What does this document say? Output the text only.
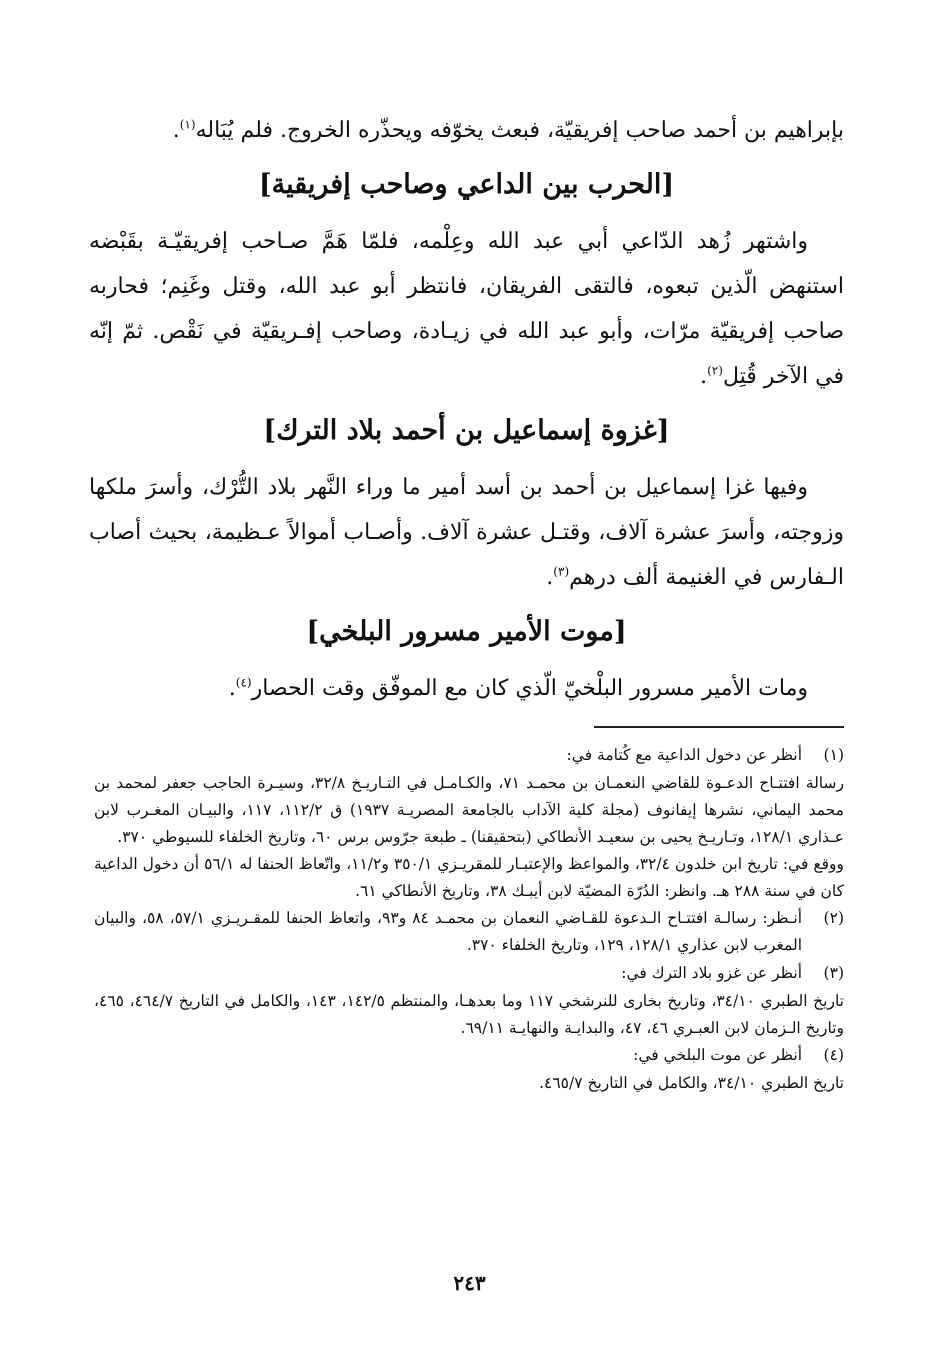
بإبراهيم بن أحمد صاحب إفريقيّة، فبعث يخوّفه ويحذّره الخروج. فلم يُبَاله$^{(١)}$.

[الحرب بين الداعي وصاحب إفريقية]

واشتهر زُهد الدّاعي أبي عبد الله وعِلْمه، فلمّا هَمَّ صـاحب إفريقيّـة بقَبْضه استنهض الّذين تبعوه، فالتقى الفريقان، فانتظر أبو عبد الله، وقتل وغَنِم؛ فحاربه صاحب إفريقيّة مرّات، وأبو عبد الله في زيـادة، وصاحب إفـريقيّة في نَقْص. ثمّ إنّه في الآخر قُتِل$^{(٢)}$.

[غزوة إسماعيل بن أحمد بلاد الترك]

وفيها غزا إسماعيل بن أحمد بن أسد أمير ما وراء النَّهر بلاد التُّرْك، وأسرَ ملكها وزوجته، وأسرَ عشرة آلاف، وقتـل عشرة آلاف. وأصـاب أموالاً عـظيمة، بحيث أصاب الـفارس في الغنيمة ألف درهم$^{(٣)}$.

[موت الأمير مسرور البلخي]

ومات الأمير مسرور البلْخيّ الّذي كان مع الموفّق وقت الحصار$^{(٤)}$.

(١)
أنظر عن دخول الداعية مع كُتامة في:
رسالة افتتـاح الدعـوة للقاضي النعمـان بن محمـد ٧١، والكـامـل في التـاريـخ ٣٢/٨، وسيـرة الحاجب جعفر لمحمد بن محمد اليماني، نشرها إيفانوف (مجلة كلية الآداب بالجامعة المصريـة ١٩٣٧) ق ١١٢/٢، ١١٧، والبيـان المغـرب لابن عـذاري ١٢٨/١، وتـاريـخ يحيى بن سعيـد الأنطاكي (بتحقيقنا) ـ طبعة جرّوس برس ٦٠، وتاريخ الخلفاء للسيوطي ٣٧٠.
ووقع في: تاريخ ابن خلدون ٣٢/٤، والمواعظ والإعتبـار للمقريـزي ٣٥٠/١ و١١/٢، واتّعاظ الحنفا له ٥٦/١ أن دخول الداعية كان في سنة ٢٨٨ هـ. وانظر: الدُرّة المضيّة لابن أيبـك ٣٨، وتاريخ الأنطاكي ٦١.
(٢)
أنـظر: رسالـة افتتـاح الـدعوة للقـاضي النعمان بن محمـد ٨٤ و٩٣، واتعاظ الحنفا للمقـريـزي ٥٧/١، ٥٨، والبيان المغرب لابن عذاري ١٢٨/١، ١٢٩، وتاريخ الخلفاء ٣٧٠.
(٣)
أنظر عن غزو بلاد الترك في:
تاريخ الطبري ٣٤/١٠، وتاريخ بخارى للنرشخي ١١٧ وما بعدهـا، والمنتظم ١٤٢/٥، ١٤٣، والكامل في التاريخ ٤٦٤/٧، ٤٦٥، وتاريخ الـزمان لابن العبـري ٤٦، ٤٧، والبدايـة والنهايـة ٦٩/١١.
(٤)
أنظر عن موت البلخي في:
تاريخ الطبري ٣٤/١٠، والكامل في التاريخ ٤٦٥/٧.
٢٤٣
